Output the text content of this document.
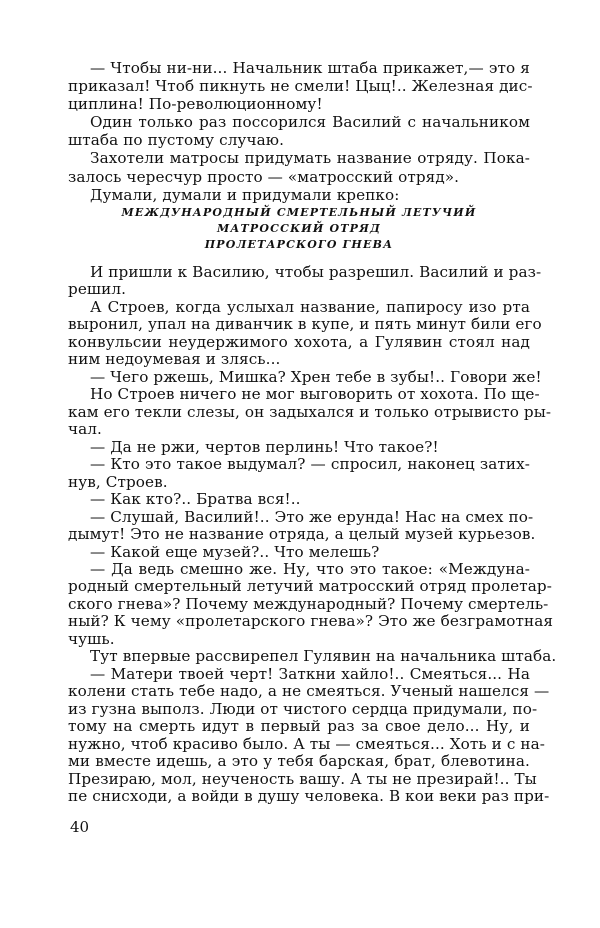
— Чтобы ни-ни... Начальник штаба прикажет,— это я
приказал! Чтоб пикнуть не смели! Цыц!.. Железная дис-
циплина! По-революционному!
Один только раз поссорился Василий с начальником
штаба по пустому случаю.
Захотели матросы придумать название отряду. Пока-
залось чересчур просто — «матросский отряд».
Думали, думали и придумали крепко:
МЕЖДУНАРОДНЫЙ СМЕРТЕЛЬНЫЙ ЛЕТУЧИЙ
МАТРОССКИЙ ОТРЯД
ПРОЛЕТАРСКОГО ГНЕВА
И пришли к Василию, чтобы разрешил. Василий и раз-
решил.
А Строев, когда услыхал название, папиросу изо рта
выронил, упал на диванчик в купе, и пять минут били его
конвульсии неудержимого хохота, а Гулявин стоял над
ним недоумевая и злясь...
— Чего ржешь, Мишка? Хрен тебе в зубы!.. Говори же!
Но Строев ничего не мог выговорить от хохота. По ще-
кам его текли слезы, он задыхался и только отрывисто ры-
чал.
— Да не ржи, чертов перлинь! Что такое?!
— Кто это такое выдумал? — спросил, наконец затих-
нув, Строев.
— Как кто?.. Братва вся!..
— Слушай, Василий!.. Это же ерунда! Нас на смех по-
дымут! Это не название отряда, а целый музей курьезов.
— Какой еще музей?.. Что мелешь?
— Да ведь смешно же. Ну, что это такое: «Междуна-
родный смертельный летучий матросский отряд пролетар-
ского гнева»? Почему международный? Почему смертель-
ный? К чему «пролетарского гнева»? Это же безграмотная
чушь.
Тут впервые рассвирепел Гулявин на начальника штаба.
— Матери твоей черт! Заткни хайло!.. Смеяться... На
колени стать тебе надо, а не смеяться. Ученый нашелся —
из гузна выполз. Люди от чистого сердца придумали, по-
тому на смерть идут в первый раз за свое дело... Ну, и
нужно, чтоб красиво было. А ты — смеяться... Хоть и с на-
ми вместе идешь, а это у тебя барская, брат, блевотина.
Презираю, мол, неученость вашу. А ты не презирай!.. Ты
пе снисходи, а войди в душу человека. В кои веки раз при-
40
